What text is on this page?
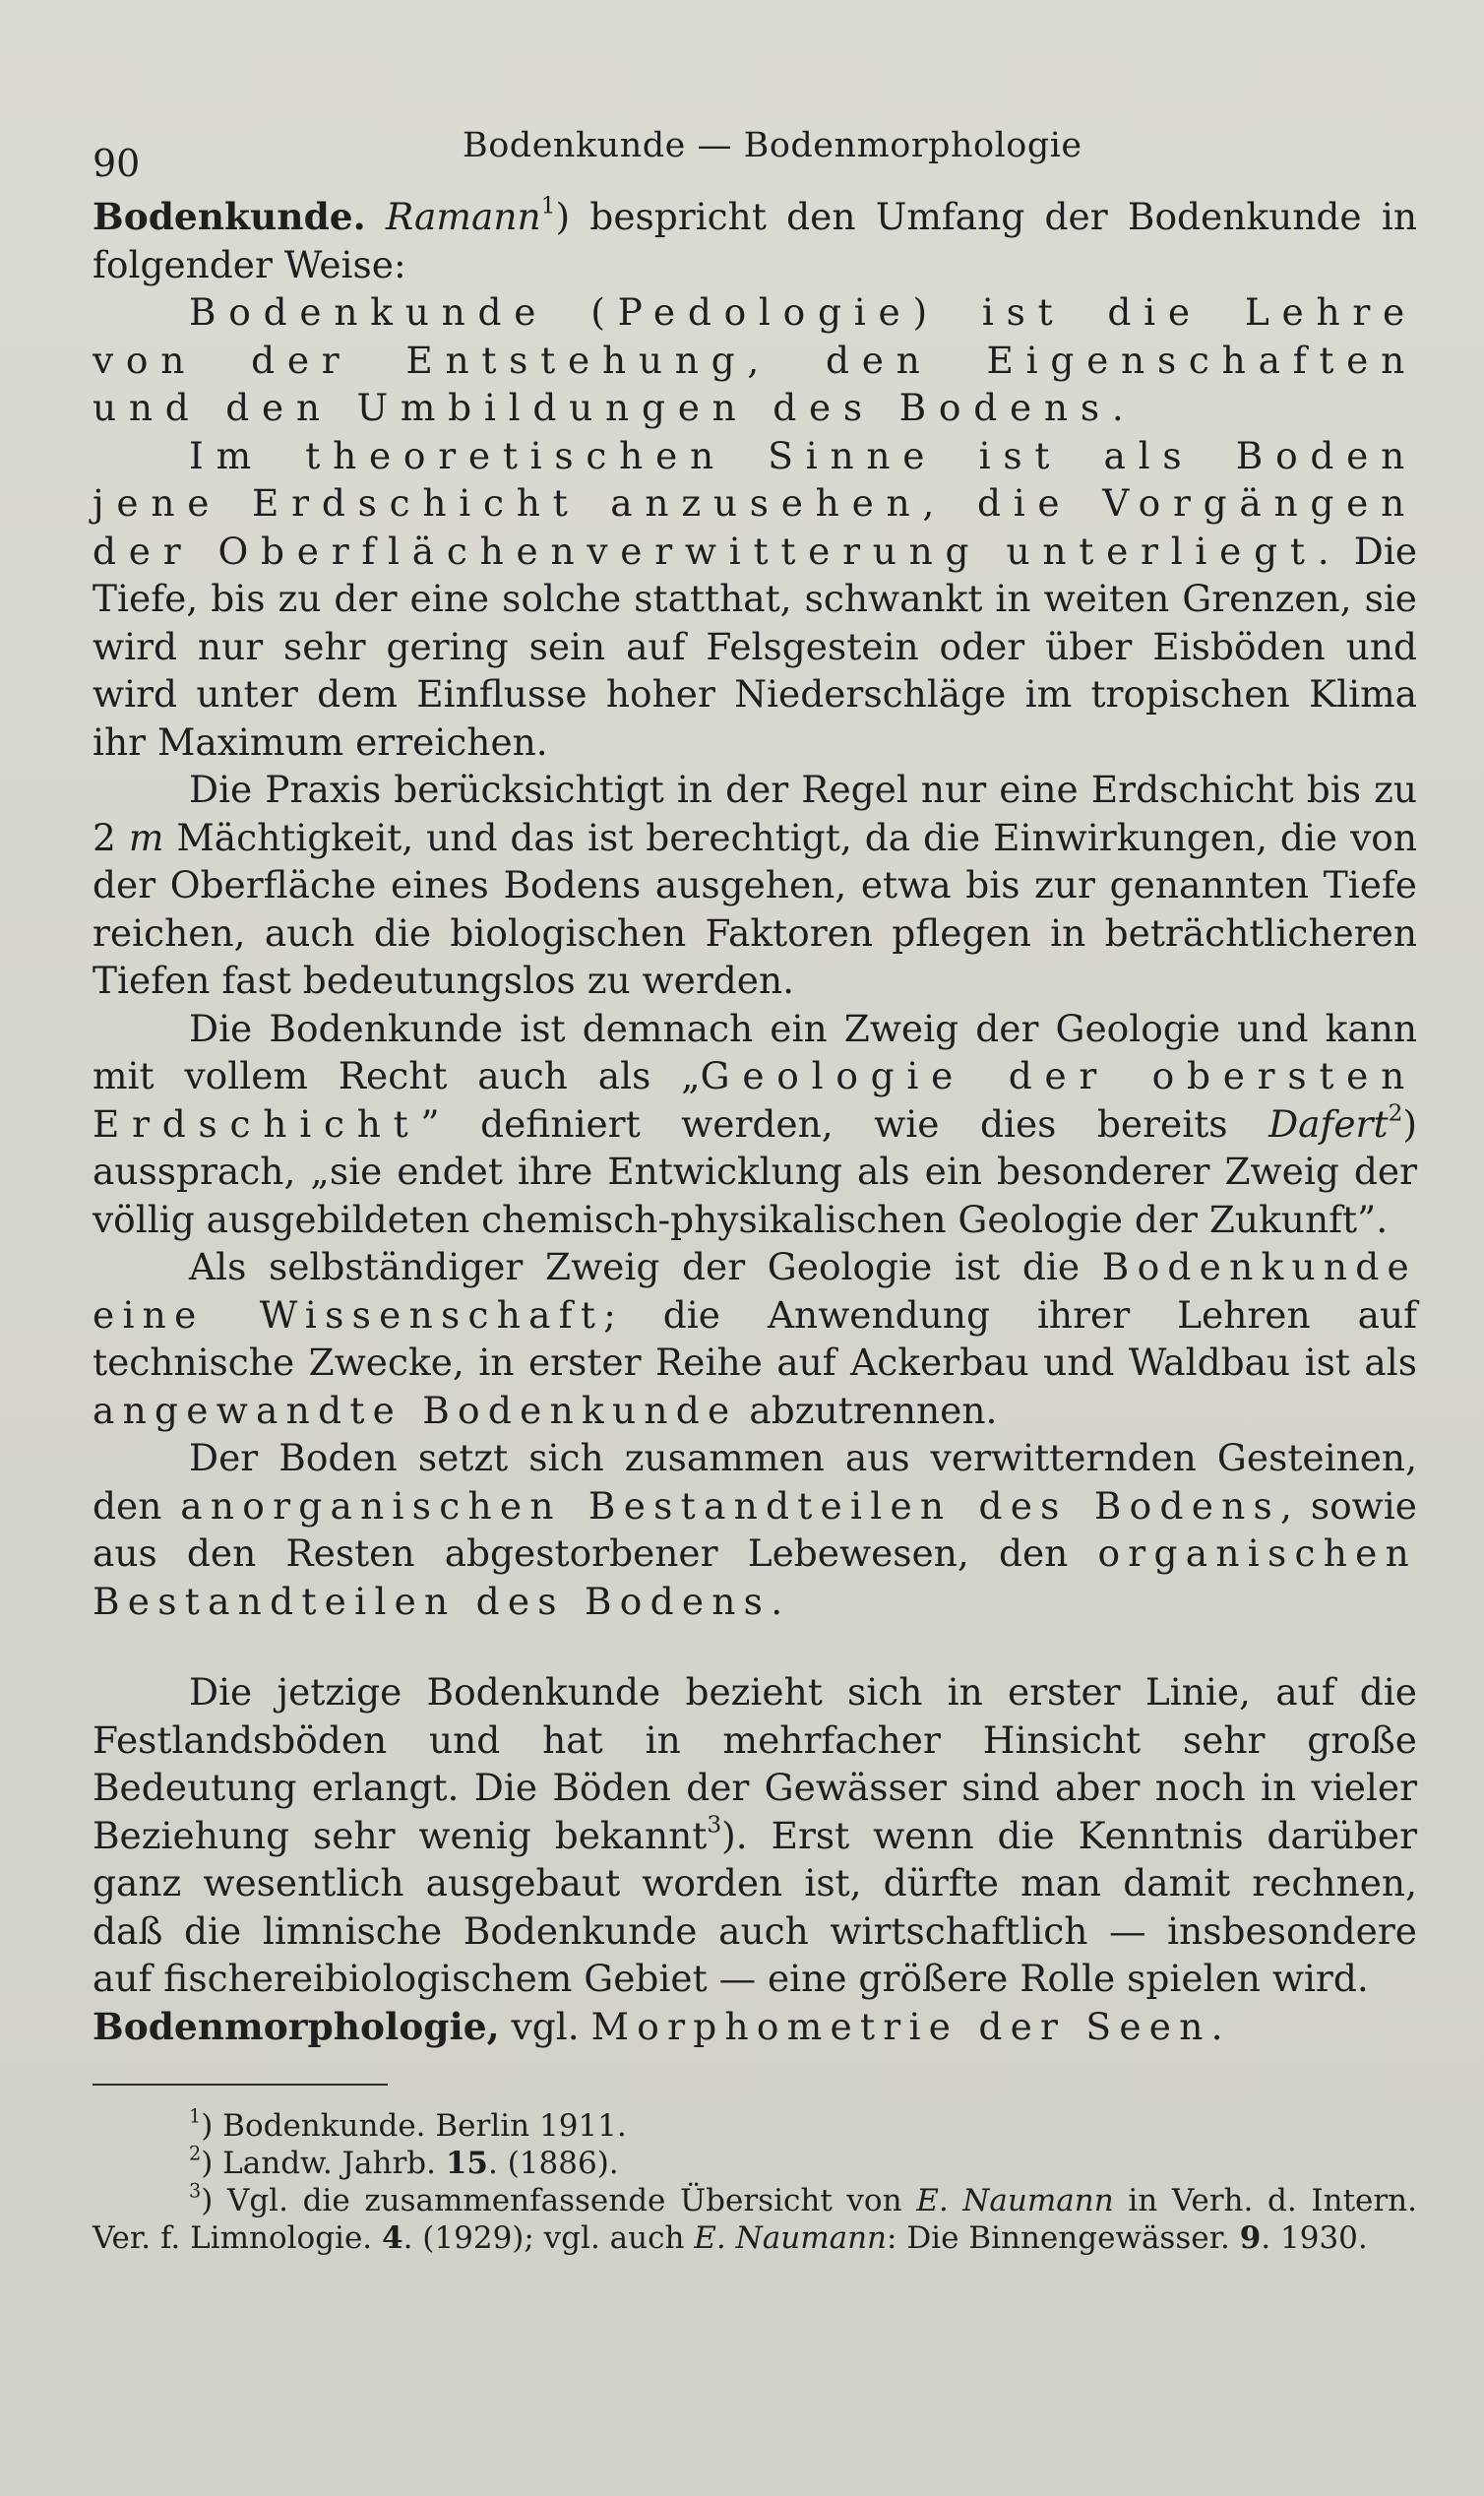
90	Bodenkunde — Bodenmorphologie

Bodenkunde. Ramann$^1$) bespricht den Umfang der Bodenkunde in folgender Weise:

Bodenkunde (Pedologie) ist die Lehre von der Entstehung, den Eigenschaften und den Umbildungen des Bodens.

Im theoretischen Sinne ist als Boden jene Erdschicht anzusehen, die Vorgängen der Oberflächenverwitterung unterliegt. Die Tiefe, bis zu der eine solche statthat, schwankt in weiten Grenzen, sie wird nur sehr gering sein auf Felsgestein oder über Eisböden und wird unter dem Einflusse hoher Niederschläge im tropischen Klima ihr Maximum erreichen.

Die Praxis berücksichtigt in der Regel nur eine Erdschicht bis zu 2 m Mächtigkeit, und das ist berechtigt, da die Einwirkungen, die von der Oberfläche eines Bodens ausgehen, etwa bis zur genannten Tiefe reichen, auch die biologischen Faktoren pflegen in beträchtlicheren Tiefen fast bedeutungslos zu werden.

Die Bodenkunde ist demnach ein Zweig der Geologie und kann mit vollem Recht auch als „Geologie der obersten Erdschicht” definiert werden, wie dies bereits Dafert$^2$) aussprach, „sie endet ihre Entwicklung als ein besonderer Zweig der völlig ausgebildeten chemisch-physikalischen Geologie der Zukunft”.

Als selbständiger Zweig der Geologie ist die Bodenkunde eine Wissenschaft; die Anwendung ihrer Lehren auf technische Zwecke, in erster Reihe auf Ackerbau und Waldbau ist als angewandte Bodenkunde abzutrennen.

Der Boden setzt sich zusammen aus verwitternden Gesteinen, den anorganischen Bestandteilen des Bodens, sowie aus den Resten abgestorbener Lebewesen, den organischen Bestandteilen des Bodens.

Die jetzige Bodenkunde bezieht sich in erster Linie, auf die Festlandsböden und hat in mehrfacher Hinsicht sehr große Bedeutung erlangt. Die Böden der Gewässer sind aber noch in vieler Beziehung sehr wenig bekannt$^3$). Erst wenn die Kenntnis darüber ganz wesentlich ausgebaut worden ist, dürfte man damit rechnen, daß die limnische Bodenkunde auch wirtschaftlich — insbesondere auf fischereibiologischem Gebiet — eine größere Rolle spielen wird.

Bodenmorphologie, vgl. Morphometrie der Seen.

$^1$) Bodenkunde. Berlin 1911.

$^2$) Landw. Jahrb. 15. (1886).

$^3$) Vgl. die zusammenfassende Übersicht von E. Naumann in Verh. d. Intern. Ver. f. Limnologie. 4. (1929); vgl. auch E. Naumann: Die Binnengewässer. 9. 1930.
